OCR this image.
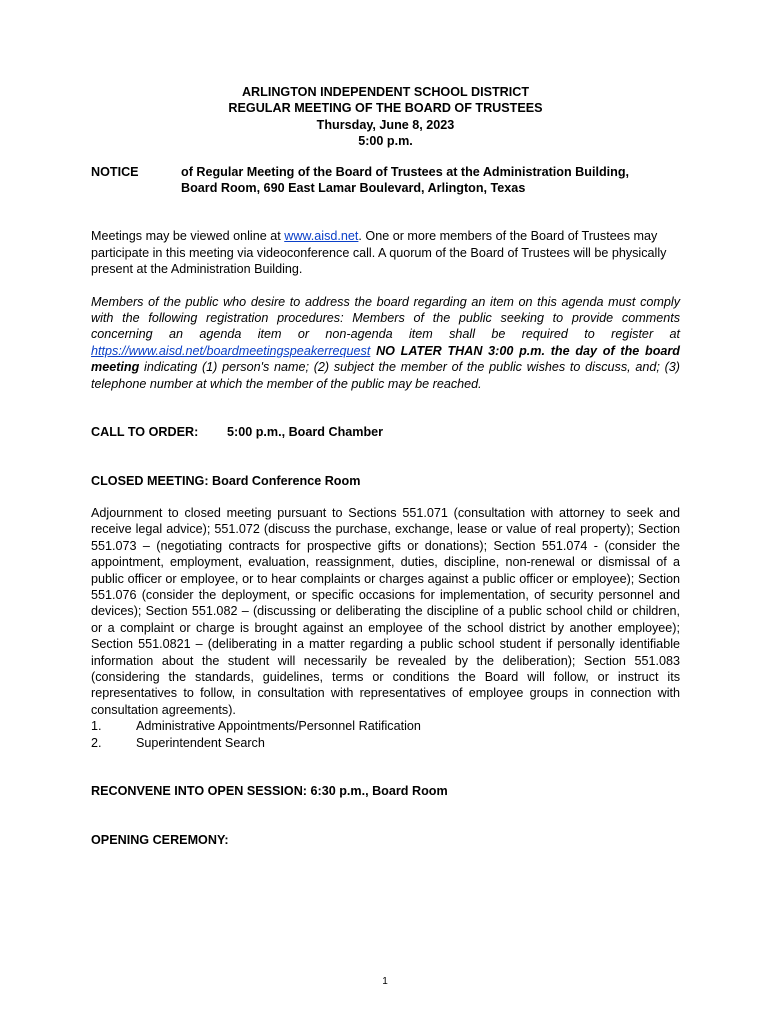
ARLINGTON INDEPENDENT SCHOOL DISTRICT
REGULAR MEETING OF THE BOARD OF TRUSTEES
Thursday, June 8, 2023
5:00 p.m.
NOTICE	of Regular Meeting of the Board of Trustees at the Administration Building,
Board Room, 690 East Lamar Boulevard, Arlington, Texas
Meetings may be viewed online at www.aisd.net. One or more members of the Board of Trustees may participate in this meeting via videoconference call. A quorum of the Board of Trustees will be physically present at the Administration Building.
Members of the public who desire to address the board regarding an item on this agenda must comply with the following registration procedures: Members of the public seeking to provide comments concerning an agenda item or non-agenda item shall be required to register at https://www.aisd.net/boardmeetingspeakerrequest NO LATER THAN 3:00 p.m. the day of the board meeting indicating (1) person's name; (2) subject the member of the public wishes to discuss, and; (3) telephone number at which the member of the public may be reached.
CALL TO ORDER:	5:00 p.m., Board Chamber
CLOSED MEETING: Board Conference Room
Adjournment to closed meeting pursuant to Sections 551.071 (consultation with attorney to seek and receive legal advice); 551.072 (discuss the purchase, exchange, lease or value of real property); Section 551.073 – (negotiating contracts for prospective gifts or donations); Section 551.074 - (consider the appointment, employment, evaluation, reassignment, duties, discipline, non-renewal or dismissal of a public officer or employee, or to hear complaints or charges against a public officer or employee); Section 551.076 (consider the deployment, or specific occasions for implementation, of security personnel and devices); Section 551.082 – (discussing or deliberating the discipline of a public school child or children, or a complaint or charge is brought against an employee of the school district by another employee); Section 551.0821 – (deliberating in a matter regarding a public school student if personally identifiable information about the student will necessarily be revealed by the deliberation); Section 551.083 (considering the standards, guidelines, terms or conditions the Board will follow, or instruct its representatives to follow, in consultation with representatives of employee groups in connection with consultation agreements).
1.	Administrative Appointments/Personnel Ratification
2.	Superintendent Search
RECONVENE INTO OPEN SESSION: 6:30 p.m., Board Room
OPENING CEREMONY:
1
